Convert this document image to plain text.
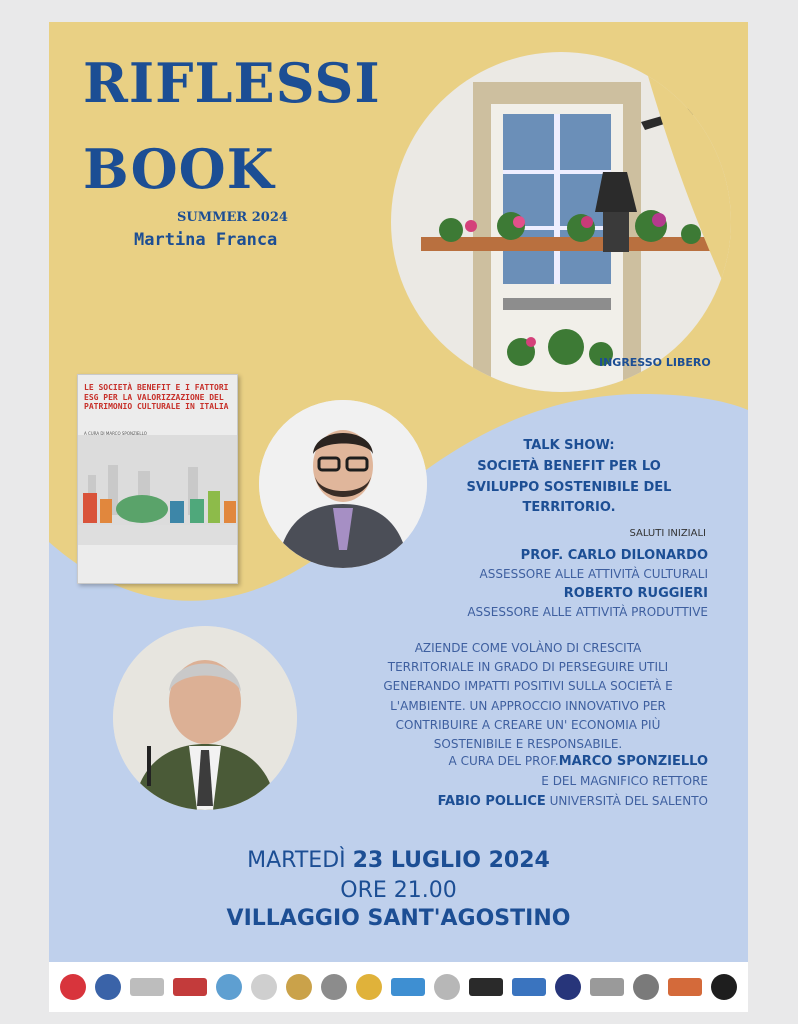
RIFLESSI
BOOK
SUMMER 2024
Martina Franca
INGRESSO LIBERO
LE SOCIETÀ BENEFIT E I FATTORI ESG PER LA VALORIZZAZIONE DEL PATRIMONIO CULTURALE IN ITALIA
A CURA DI MARCO SPONZIELLO
TALK SHOW:
SOCIETÀ BENEFIT PER LO
SVILUPPO SOSTENIBILE DEL
TERRITORIO.
SALUTI INIZIALI
PROF. CARLO DILONARDO
ASSESSORE ALLE ATTIVITÀ CULTURALI
ROBERTO RUGGIERI
ASSESSORE ALLE ATTIVITÀ PRODUTTIVE
AZIENDE COME VOLÀNO DI CRESCITA
TERRITORIALE IN GRADO DI PERSEGUIRE UTILI
GENERANDO IMPATTI POSITIVI SULLA SOCIETÀ E
L'AMBIENTE. UN APPROCCIO INNOVATIVO PER
CONTRIBUIRE A CREARE UN' ECONOMIA PIÙ
SOSTENIBILE E RESPONSABILE.
A CURA DEL PROF.MARCO SPONZIELLO
E DEL MAGNIFICO RETTORE
FABIO POLLICE UNIVERSITÀ DEL SALENTO
MARTEDÌ 23 LUGLIO 2024
ORE 21.00
VILLAGGIO SANT'AGOSTINO
